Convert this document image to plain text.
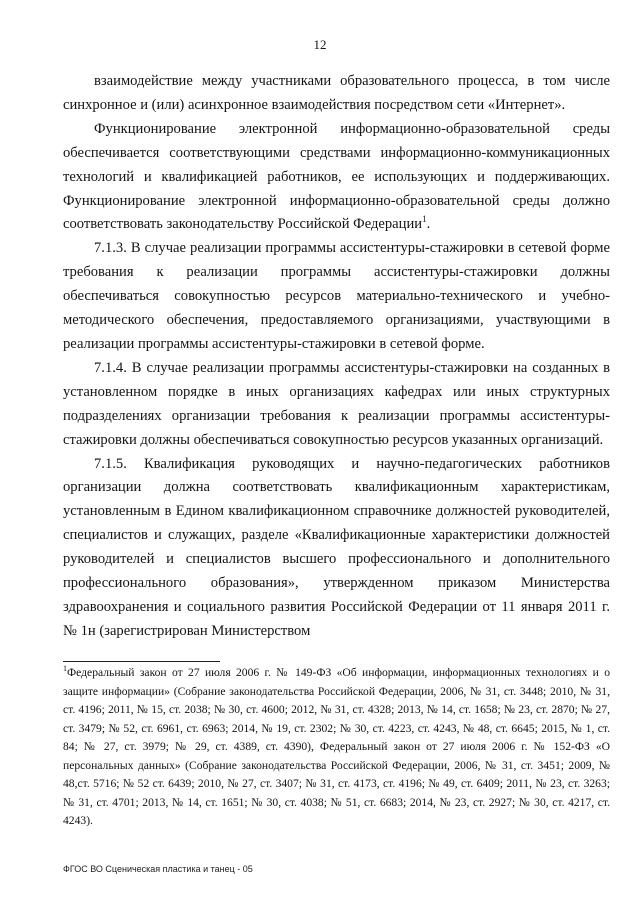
12

взаимодействие между участниками образовательного процесса, в том числе синхронное и (или) асинхронное взаимодействия посредством сети «Интернет».

Функционирование электронной информационно-образовательной среды обеспечивается соответствующими средствами информационно-коммуникационных технологий и квалификацией работников, ее использующих и поддерживающих. Функционирование электронной информационно-образовательной среды должно соответствовать законодательству Российской Федерации$^1$.

7.1.3. В случае реализации программы ассистентуры-стажировки в сетевой форме требования к реализации программы ассистентуры-стажировки должны обеспечиваться совокупностью ресурсов материально-технического и учебно-методического обеспечения, предоставляемого организациями, участвующими в реализации программы ассистентуры-стажировки в сетевой форме.

7.1.4. В случае реализации программы ассистентуры-стажировки на созданных в установленном порядке в иных организациях кафедрах или иных структурных подразделениях организации требования к реализации программы ассистентуры-стажировки должны обеспечиваться совокупностью ресурсов указанных организаций.

7.1.5. Квалификация руководящих и научно-педагогических работников организации должна соответствовать квалификационным характеристикам, установленным в Едином квалификационном справочнике должностей руководителей, специалистов и служащих, разделе «Квалификационные характеристики должностей руководителей и специалистов высшего профессионального и дополнительного профессионального образования», утвержденном приказом Министерства здравоохранения и социального развития Российской Федерации от 11 января 2011 г. № 1н (зарегистрирован Министерством

$^1$Федеральный закон от 27 июля 2006 г. № 149-ФЗ «Об информации, информационных технологиях и о защите информации» (Собрание законодательства Российской Федерации, 2006, № 31, ст. 3448; 2010, № 31, ст. 4196; 2011, № 15, ст. 2038; № 30, ст. 4600; 2012, № 31, ст. 4328; 2013, № 14, ст. 1658; № 23, ст. 2870; № 27, ст. 3479; № 52, ст. 6961, ст. 6963; 2014, № 19, ст. 2302; № 30, ст. 4223, ст. 4243, № 48, ст. 6645; 2015, № 1, ст. 84; № 27, ст. 3979; № 29, ст. 4389, ст. 4390), Федеральный закон от 27 июля 2006 г. № 152-ФЗ «О персональных данных» (Собрание законодательства Российской Федерации, 2006, № 31, ст. 3451; 2009, № 48,ст. 5716; № 52 ст. 6439; 2010, № 27, ст. 3407; № 31, ст. 4173, ст. 4196; № 49, ст. 6409; 2011, № 23, ст. 3263; № 31, ст. 4701; 2013, № 14, ст. 1651; № 30, ст. 4038; № 51, ст. 6683; 2014, № 23, ст. 2927; № 30, ст. 4217, ст. 4243).
ФГОС ВО Сценическая пластика и танец - 05
